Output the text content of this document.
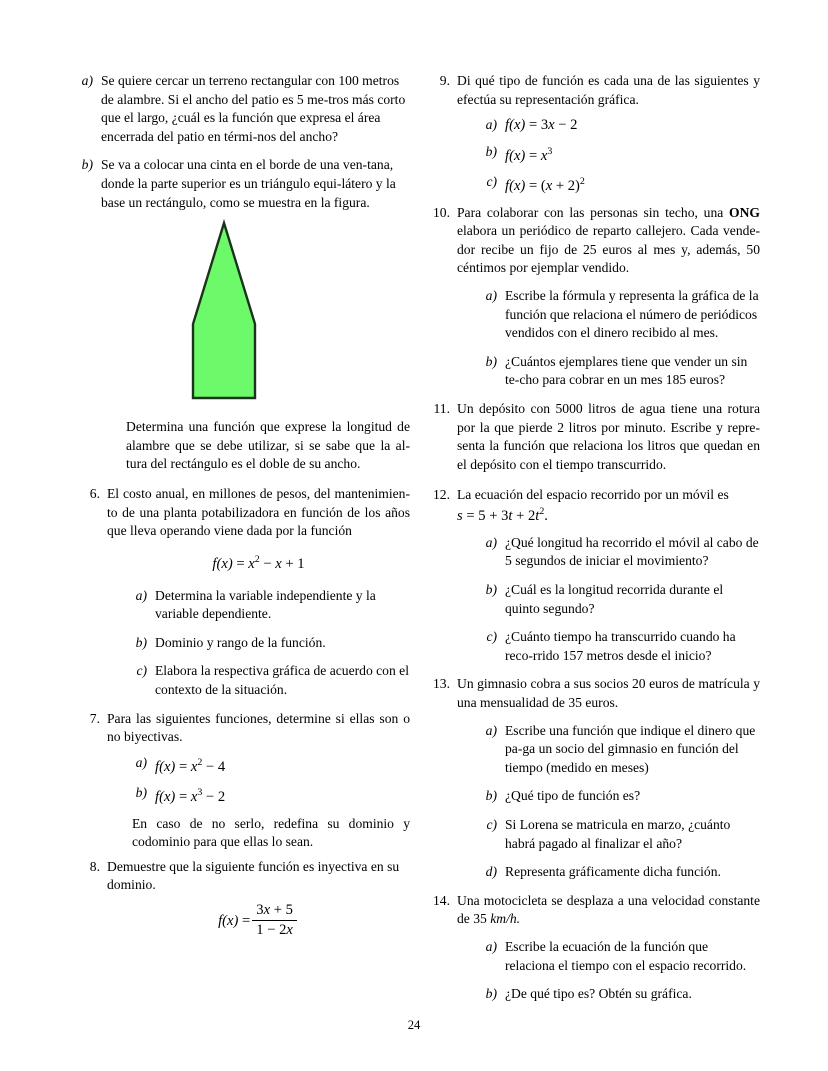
a) Se quiere cercar un terreno rectangular con 100 metros de alambre. Si el ancho del patio es 5 me-tros más corto que el largo, ¿cuál es la función que expresa el área encerrada del patio en térmi-nos del ancho?
b) Se va a colocar una cinta en el borde de una ven-tana, donde la parte superior es un triángulo equi-látero y la base un rectángulo, como se muestra en la figura.
Determina una función que exprese la longitud de alambre que se debe utilizar, si se sabe que la al-tura del rectángulo es el doble de su ancho.
6. El costo anual, en millones de pesos, del mantenimien-to de una planta potabilizadora en función de los años que lleva operando viene dada por la función
$f(x) = x^2 - x + 1$
a) Determina la variable independiente y la variable dependiente.
b) Dominio y rango de la función.
c) Elabora la respectiva gráfica de acuerdo con el contexto de la situación.
7. Para las siguientes funciones, determine si ellas son o no biyectivas.
a) $f(x) = x^2 - 4$
b) $f(x) = x^3 - 2$
En caso de no serlo, redefina su dominio y codominio para que ellas lo sean.
8. Demuestre que la siguiente función es inyectiva en su dominio.
$f(x) = \frac{3x + 5}{1 - 2x}$
9. Di qué tipo de función es cada una de las siguientes y efectúa su representación gráfica.
a) f(x) = 3x − 2
b) $f(x) = x^3$
c) $f(x) = (x + 2)^2$
10. Para colaborar con las personas sin techo, una ONG elabora un periódico de reparto callejero. Cada vende-dor recibe un fijo de 25 euros al mes y, además, 50 céntimos por ejemplar vendido.
a) Escribe la fórmula y representa la gráfica de la función que relaciona el número de periódicos vendidos con el dinero recibido al mes.
b) ¿Cuántos ejemplares tiene que vender un sin te-cho para cobrar en un mes 185 euros?
11. Un depósito con 5000 litros de agua tiene una rotura por la que pierde 2 litros por minuto. Escribe y repre-senta la función que relaciona los litros que quedan en el depósito con el tiempo transcurrido.
12. La ecuación del espacio recorrido por un móvil es
$s = 5 + 3t + 2t^2$.
a) ¿Qué longitud ha recorrido el móvil al cabo de 5 segundos de iniciar el movimiento?
b) ¿Cuál es la longitud recorrida durante el quinto segundo?
c) ¿Cuánto tiempo ha transcurrido cuando ha reco-rrido 157 metros desde el inicio?
13. Un gimnasio cobra a sus socios 20 euros de matrícula y una mensualidad de 35 euros.
a) Escribe una función que indique el dinero que pa-ga un socio del gimnasio en función del tiempo (medido en meses)
b) ¿Qué tipo de función es?
c) Si Lorena se matricula en marzo, ¿cuánto habrá pagado al finalizar el año?
d) Representa gráficamente dicha función.
14. Una motocicleta se desplaza a una velocidad constante de 35 km/h.
a) Escribe la ecuación de la función que relaciona el tiempo con el espacio recorrido.
b) ¿De qué tipo es? Obtén su gráfica.
24
